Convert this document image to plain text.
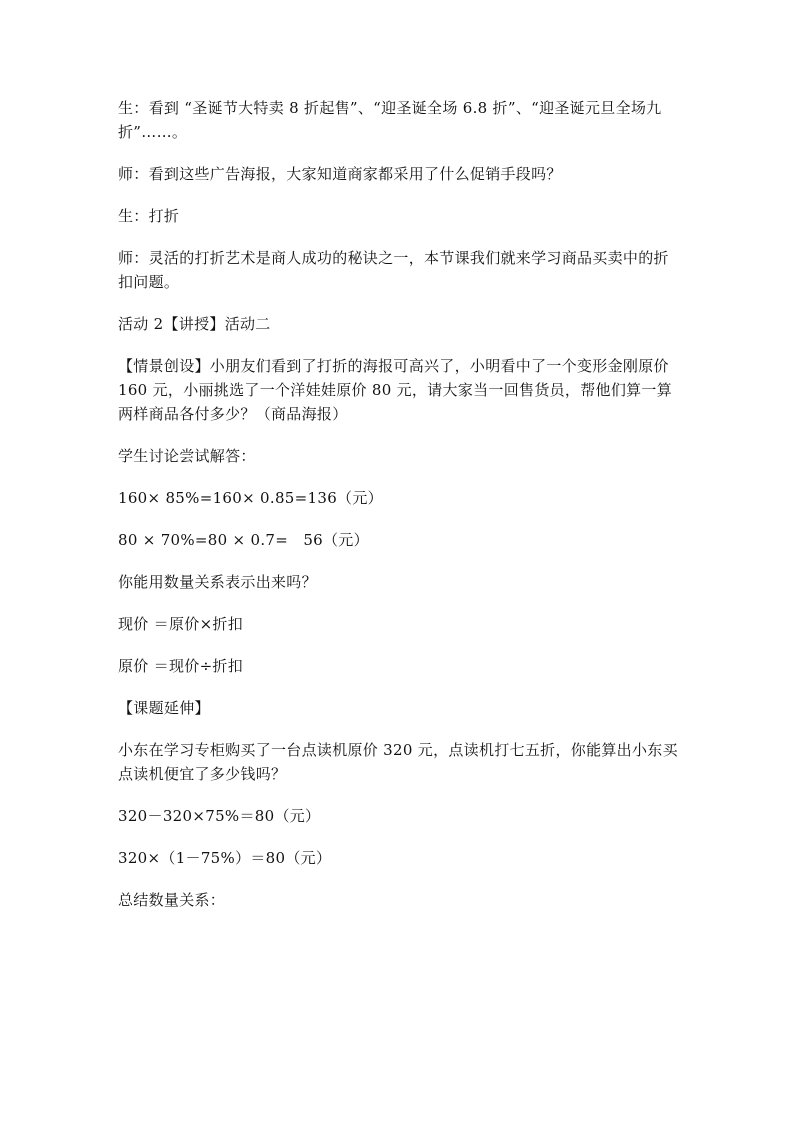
生：看到 “圣诞节大特卖 8 折起售”、“迎圣诞全场 6.8 折”、“迎圣诞元旦全场九折”……。

师：看到这些广告海报，大家知道商家都采用了什么促销手段吗？

生：打折

师：灵活的打折艺术是商人成功的秘诀之一，本节课我们就来学习商品买卖中的折扣问题。

活动 2【讲授】活动二

【情景创设】小朋友们看到了打折的海报可高兴了，小明看中了一个变形金刚原价 160 元，小丽挑选了一个洋娃娃原价 80 元，请大家当一回售货员，帮他们算一算两样商品各付多少？（商品海报）

学生讨论尝试解答：

160× 85%=160× 0.85=136（元）

80 × 70%=80 × 0.7=   56（元）

你能用数量关系表示出来吗？

现价 ＝原价×折扣

原价 ＝现价÷折扣

【课题延伸】

小东在学习专柜购买了一台点读机原价 320 元，点读机打七五折，你能算出小东买点读机便宜了多少钱吗？

320－320×75%＝80（元）

320×（1－75%）＝80（元）

总结数量关系：
